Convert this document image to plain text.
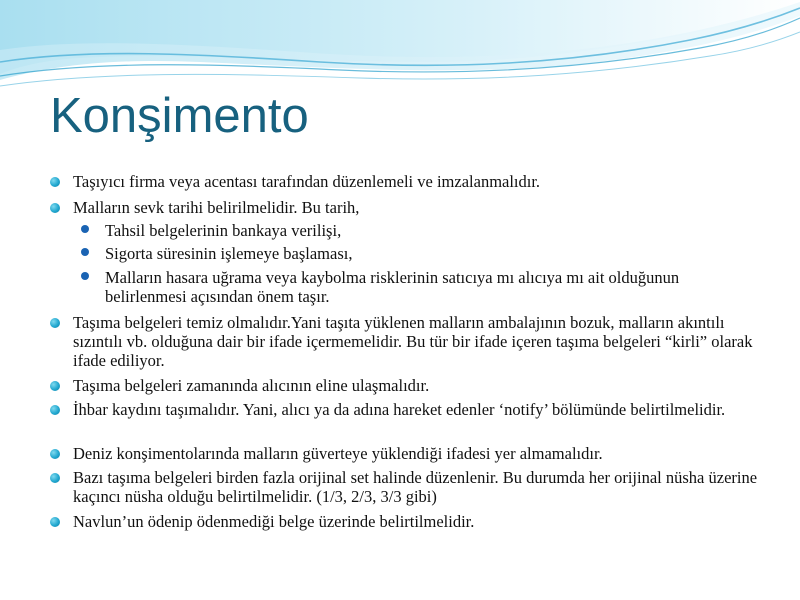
Konşimento
Taşıyıcı firma veya acentası tarafından düzenlemeli ve imzalanmalıdır.
Malların sevk tarihi belirilmelidir. Bu tarih,
Tahsil belgelerinin bankaya verilişi,
Sigorta süresinin işlemeye başlaması,
Malların hasara uğrama veya kaybolma risklerinin satıcıya mı alıcıya mı ait olduğunun belirlenmesi açısından önem taşır.
Taşıma belgeleri temiz olmalıdır.Yani taşıta yüklenen malların ambalajının bozuk, malların akıntılı sızıntılı vb. olduğuna dair bir ifade içermemelidir. Bu tür bir ifade içeren taşıma belgeleri “kirli” olarak ifade ediliyor.
Taşıma belgeleri zamanında alıcının eline ulaşmalıdır.
İhbar kaydını taşımalıdır. Yani, alıcı ya da adına hareket edenler ‘notify’ bölümünde belirtilmelidir.
Deniz konşimentolarında malların güverteye yüklendiği ifadesi yer almamalıdır.
Bazı taşıma belgeleri birden fazla orijinal set halinde düzenlenir. Bu durumda her orijinal nüsha üzerine kaçıncı nüsha olduğu belirtilmelidir. (1/3, 2/3, 3/3 gibi)
Navlun’un ödenip ödenmediği belge üzerinde belirtilmelidir.
